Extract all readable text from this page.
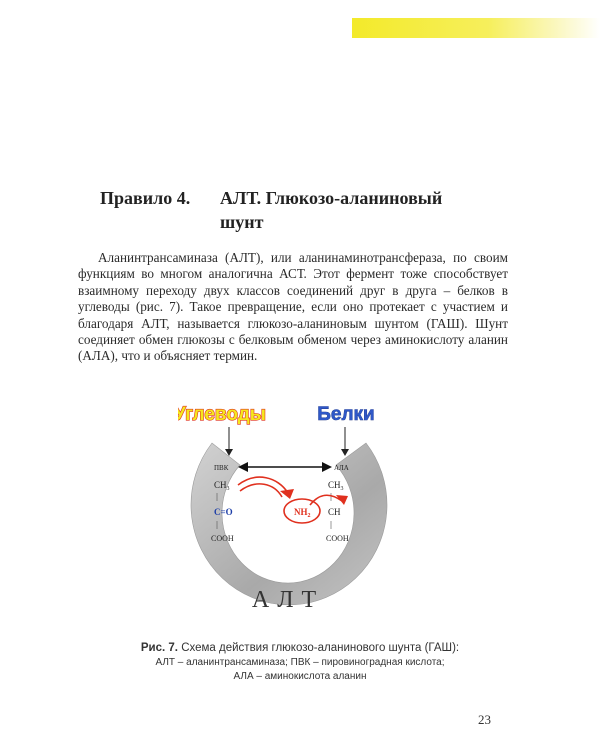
Правило 4. АЛТ. Глюкозо-аланиновый шунт
Аланинтрансаминаза (АЛТ), или аланинаминотрансфераза, по своим функциям во многом аналогична АСТ. Этот фермент тоже способствует взаимному переходу двух классов соединений друг в друга – белков в углеводы (рис. 7). Такое превращение, если оно протекает с участием и благодаря АЛТ, называется глюкозо-аланиновым шунтом (ГАШ). Шунт соединяет обмен глюкозы с белковым обменом через аминокислоту аланин (АЛА), что и объясняет термин.
Углеводы	Белки
ПВК	АЛА
$CH_3$
C=O
COOH
$CH_3$
CH
COOH
$NH_2$
АЛТ
Рис. 7. Схема действия глюкозо-аланинового шунта (ГАШ):
АЛТ – аланинтрансаминаза; ПВК – пировиноградная кислота;
АЛА – аминокислота аланин
23
